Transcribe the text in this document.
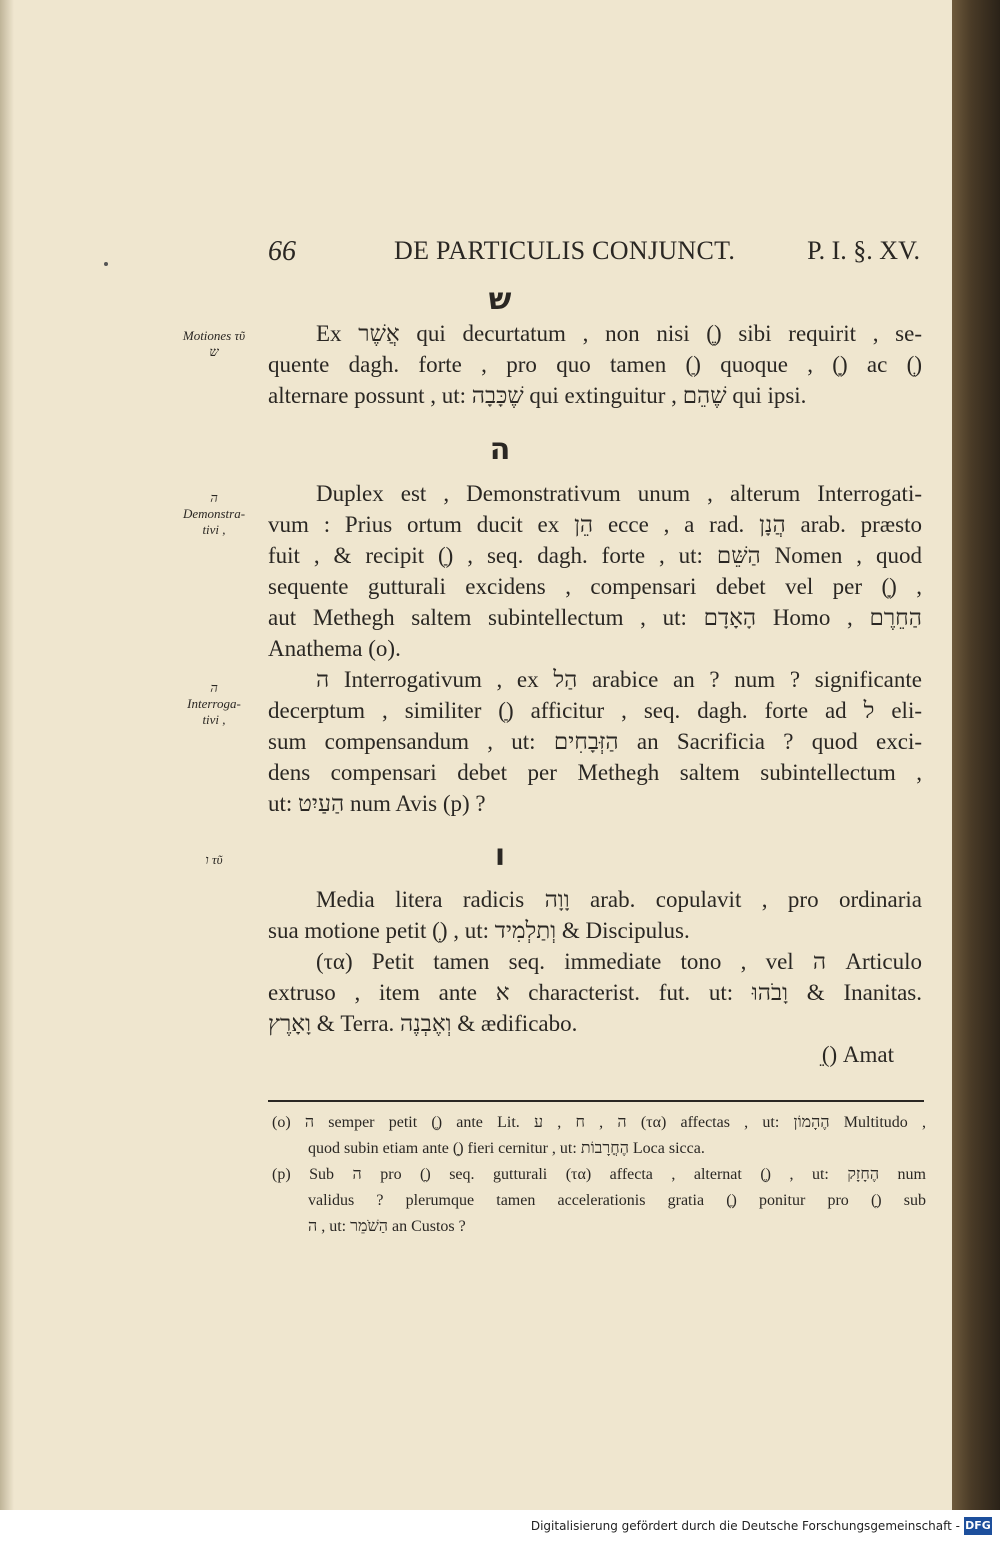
66	DE PARTICULIS CONJUNCT.	P. I. §. XV.
ש
Motiones τῦ
ש
Ex אֲשֶׁר qui decurtatum , non nisi (ֶ) sibi requirit , se-
quente dagh. forte , pro quo tamen (ַ) quoque , (ָ) ac (ְ)
alternare possunt , ut: שֶׁכָּבָה qui extinguitur , שֶׁהֵם qui ipsi.
ה
ה
Demonstra-
tivi ,
ה
Interroga-
tivi ,
Duplex est , Demonstrativum unum , alterum Interrogati-
vum : Prius ortum ducit ex הֵן ecce , a rad. הֲנָן arab. præsto
fuit , & recipit (ַ) , seq. dagh. forte , ut: הַשֵּׁם Nomen , quod
sequente gutturali excidens , compensari debet vel per (ָ) ,
aut Methegh saltem subintellectum , ut: הָאָדָם Homo , הַחֵרֶם
Anathema (o).
ה Interrogativum , ex הַל arabice an ? num ? significante
decerptum , similiter (ַ) afficitur , seq. dagh. forte ad ל eli-
sum compensandum , ut: הַזְּבָחִים an Sacrificia ? quod exci-
dens compensari debet per Methegh saltem subintellectum ,
ut: הַעַיִט num Avis (p) ?
ו
ו τῦ
Media litera radicis וָוָה arab. copulavit , pro ordinaria
sua motione petit (ְ) , ut: וְתַלְמִיד & Discipulus.
(τα) Petit tamen seq. immediate tono , vel ה Articulo
extruso , item ante א characterist. fut. ut: וָבֹהוּ & Inanitas.
וָאָרֶץ & Terra. וְאֶבְנֶה & ædificabo.
(ֵ) Amat
(o) ה semper petit (ֶ) ante Lit. ה , ח , ע (τα) affectas , ut: הֶהָמוֹן Multitudo ,
quod subin etiam ante (ָ) fieri cernitur , ut: הֶחֳרָבוֹת Loca sicca.
(p) Sub ה pro (ַ) seq. gutturali (τα) affecta , alternat (ֶ) , ut: הֶחָזָק num
validus ? plerumque tamen accelerationis gratia (ֲ) ponitur pro (ַ) sub
ה , ut: הַשֹׁמֵר an Custos ?
Digitalisierung gefördert durch die Deutsche Forschungsgemeinschaft - DFG
